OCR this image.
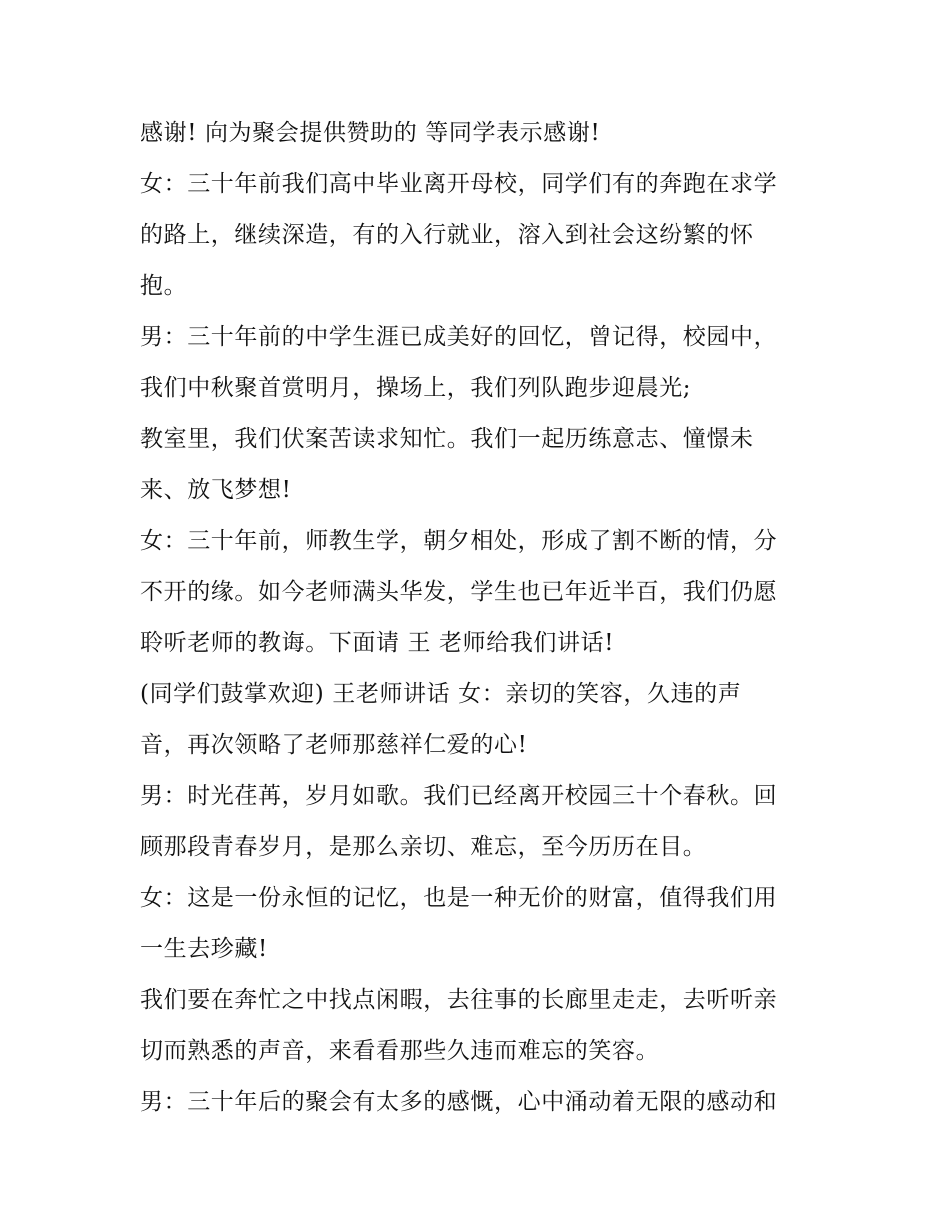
感谢! 向为聚会提供赞助的 等同学表示感谢!
女：三十年前我们高中毕业离开母校，同学们有的奔跑在求学
的路上，继续深造，有的入行就业，溶入到社会这纷繁的怀
抱。
男：三十年前的中学生涯已成美好的回忆，曾记得，校园中，
我们中秋聚首赏明月，操场上，我们列队跑步迎晨光;
教室里，我们伏案苦读求知忙。我们一起历练意志、憧憬未
来、放飞梦想!
女：三十年前，师教生学，朝夕相处，形成了割不断的情，分
不开的缘。如今老师满头华发，学生也已年近半百，我们仍愿
聆听老师的教诲。下面请 王 老师给我们讲话!
(同学们鼓掌欢迎) 王老师讲话 女：亲切的笑容，久违的声
音，再次领略了老师那慈祥仁爱的心!
男：时光荏苒，岁月如歌。我们已经离开校园三十个春秋。回
顾那段青春岁月，是那么亲切、难忘，至今历历在目。
女：这是一份永恒的记忆，也是一种无价的财富，值得我们用
一生去珍藏!
我们要在奔忙之中找点闲暇，去往事的长廊里走走，去听听亲
切而熟悉的声音，来看看那些久违而难忘的笑容。
男：三十年后的聚会有太多的感慨，心中涌动着无限的感动和
